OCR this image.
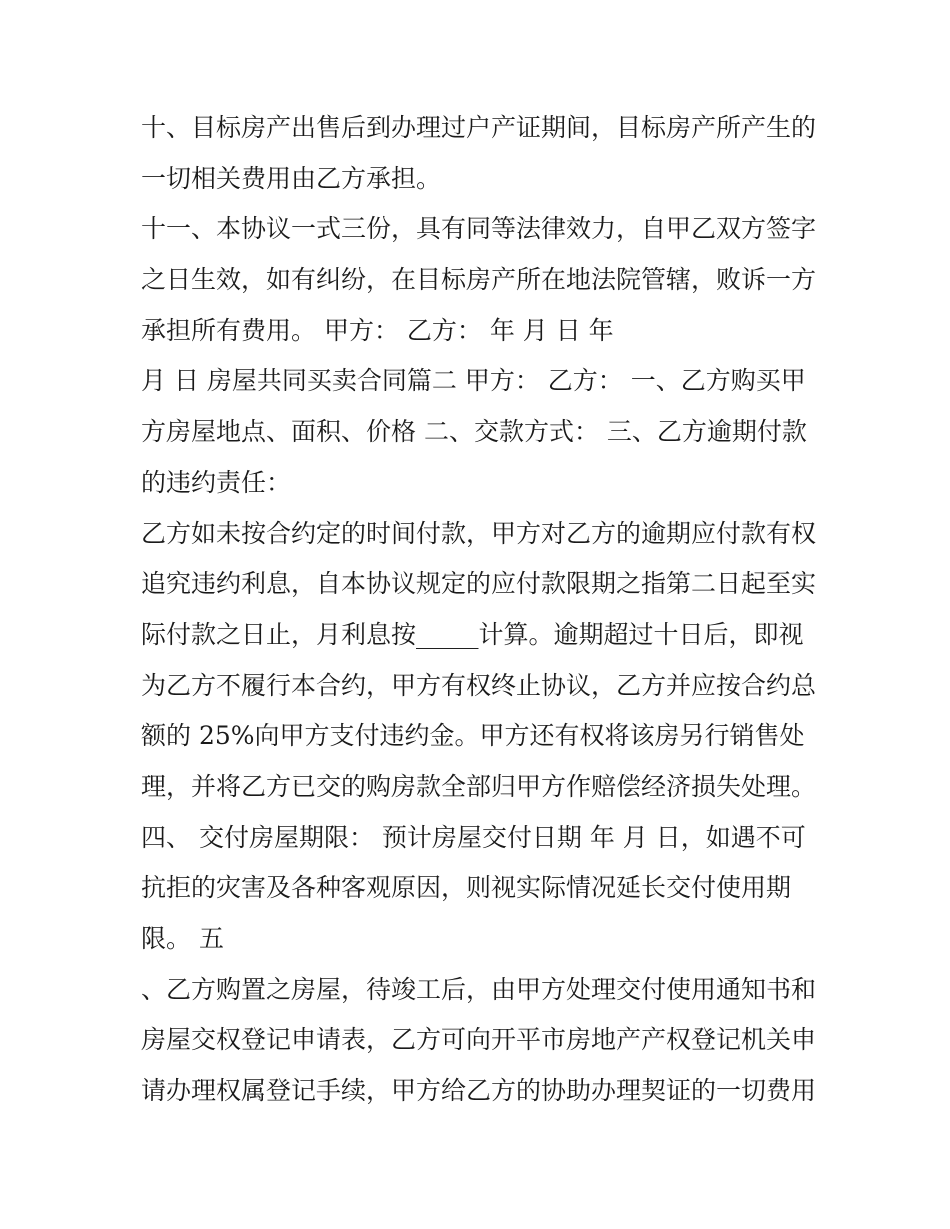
十、目标房产出售后到办理过户产证期间，目标房产所产生的
一切相关费用由乙方承担。
十一、本协议一式三份，具有同等法律效力，自甲乙双方签字
之日生效，如有纠纷，在目标房产所在地法院管辖，败诉一方
承担所有费用。 甲方： 乙方： 年 月 日 年
月 日 房屋共同买卖合同篇二 甲方： 乙方： 一、乙方购买甲
方房屋地点、面积、价格 二、交款方式： 三、乙方逾期付款
的违约责任：
乙方如未按合约定的时间付款，甲方对乙方的逾期应付款有权
追究违约利息，自本协议规定的应付款限期之指第二日起至实
际付款之日止，月利息按_____计算。逾期超过十日后，即视
为乙方不履行本合约，甲方有权终止协议，乙方并应按合约总
额的 25%向甲方支付违约金。甲方还有权将该房另行销售处
理，并将乙方已交的购房款全部归甲方作赔偿经济损失处理。
四、 交付房屋期限： 预计房屋交付日期 年 月 日，如遇不可
抗拒的灾害及各种客观原因，则视实际情况延长交付使用期
限。 五
、乙方购置之房屋，待竣工后，由甲方处理交付使用通知书和
房屋交权登记申请表，乙方可向开平市房地产产权登记机关申
请办理权属登记手续，甲方给乙方的协助办理契证的一切费用
